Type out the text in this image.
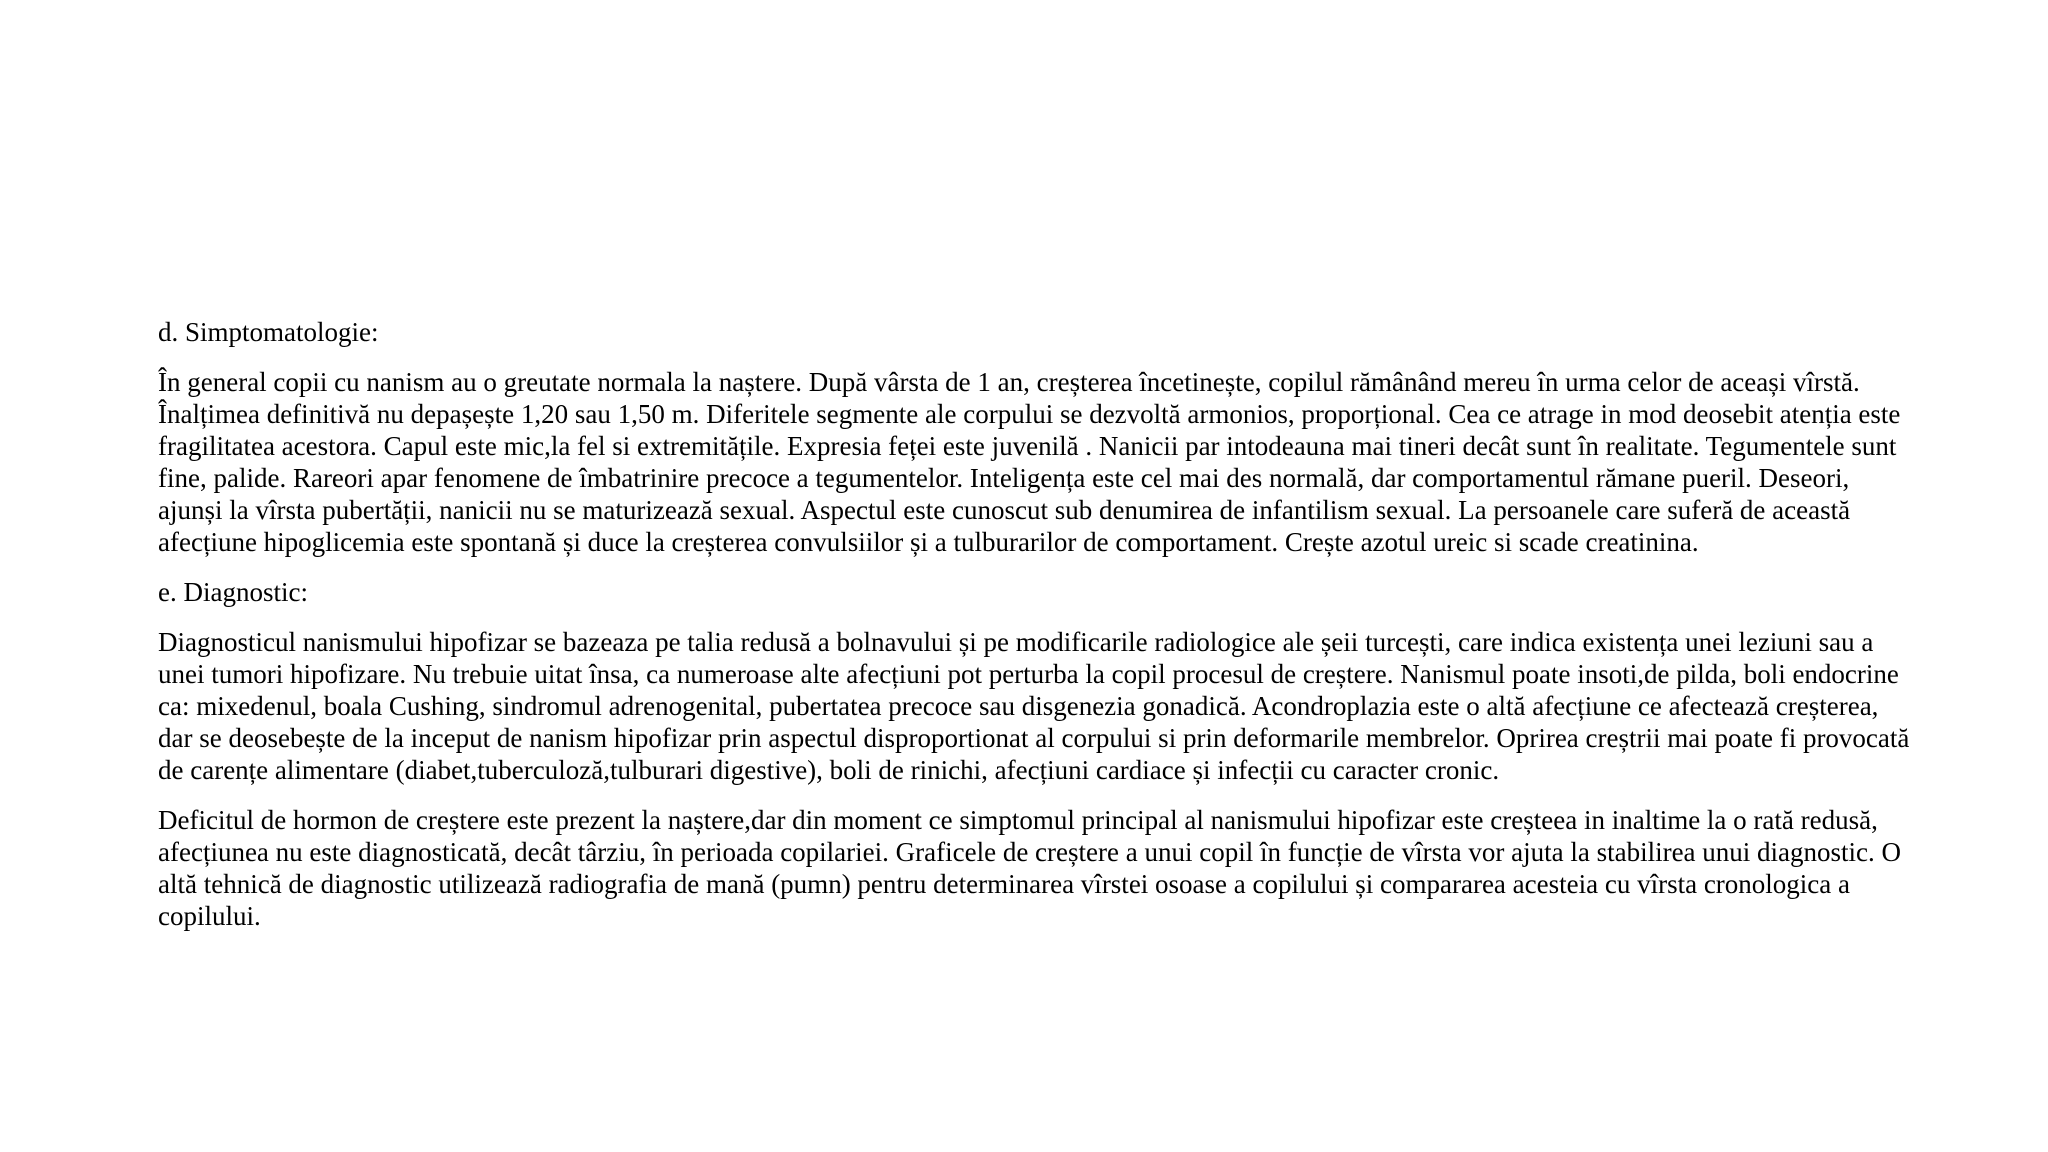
d. Simptomatologie:

În general copii cu nanism au o greutate normala la naștere. După vârsta de 1 an, creșterea încetinește, copilul rămânând mereu în urma celor de aceași vîrstă. Înalțimea definitivă nu depașește 1,20 sau 1,50 m. Diferitele segmente ale corpului se dezvoltă armonios, proporțional. Cea ce atrage in mod deosebit atenția este fragilitatea acestora. Capul este mic,la fel si extremitățile. Expresia feței este juvenilă . Nanicii par intodeauna mai tineri decât sunt în realitate. Tegumentele sunt fine, palide. Rareori apar fenomene de îmbatrinire precoce a tegumentelor. Inteligența este cel mai des normală, dar comportamentul rămane pueril. Deseori, ajunși la vîrsta pubertății, nanicii nu se maturizează sexual. Aspectul este cunoscut sub denumirea de infantilism sexual. La persoanele care suferă de această afecțiune hipoglicemia este spontană și duce la creșterea convulsiilor și a tulburarilor de comportament. Crește azotul ureic si scade creatinina.

e. Diagnostic:

Diagnosticul nanismului hipofizar se bazeaza pe talia redusă a bolnavului și pe modificarile radiologice ale șeii turcești, care indica existența unei leziuni sau a unei tumori hipofizare. Nu trebuie uitat însa, ca numeroase alte afecțiuni pot perturba la copil procesul de creștere. Nanismul poate insoti,de pilda, boli endocrine ca: mixedenul, boala Cushing, sindromul adrenogenital, pubertatea precoce sau disgenezia gonadică. Acondroplazia este o altă afecțiune ce afectează creșterea, dar se deosebește de la inceput de nanism hipofizar prin aspectul disproportionat al corpului si prin deformarile membrelor. Oprirea creștrii mai poate fi provocată de carențe alimentare (diabet,tuberculoză,tulburari digestive), boli de rinichi, afecțiuni cardiace și infecții cu caracter cronic.

Deficitul de hormon de creștere este prezent la naștere,dar din moment ce simptomul principal al nanismului hipofizar este creșteea in inaltime la o rată redusă, afecțiunea nu este diagnosticată, decât târziu, în perioada copilariei. Graficele de creștere a unui copil în funcție de vîrsta vor ajuta la stabilirea unui diagnostic. O altă tehnică de diagnostic utilizează radiografia de mană (pumn) pentru determinarea vîrstei osoase a copilului și compararea acesteia cu vîrsta cronologica a copilului.
